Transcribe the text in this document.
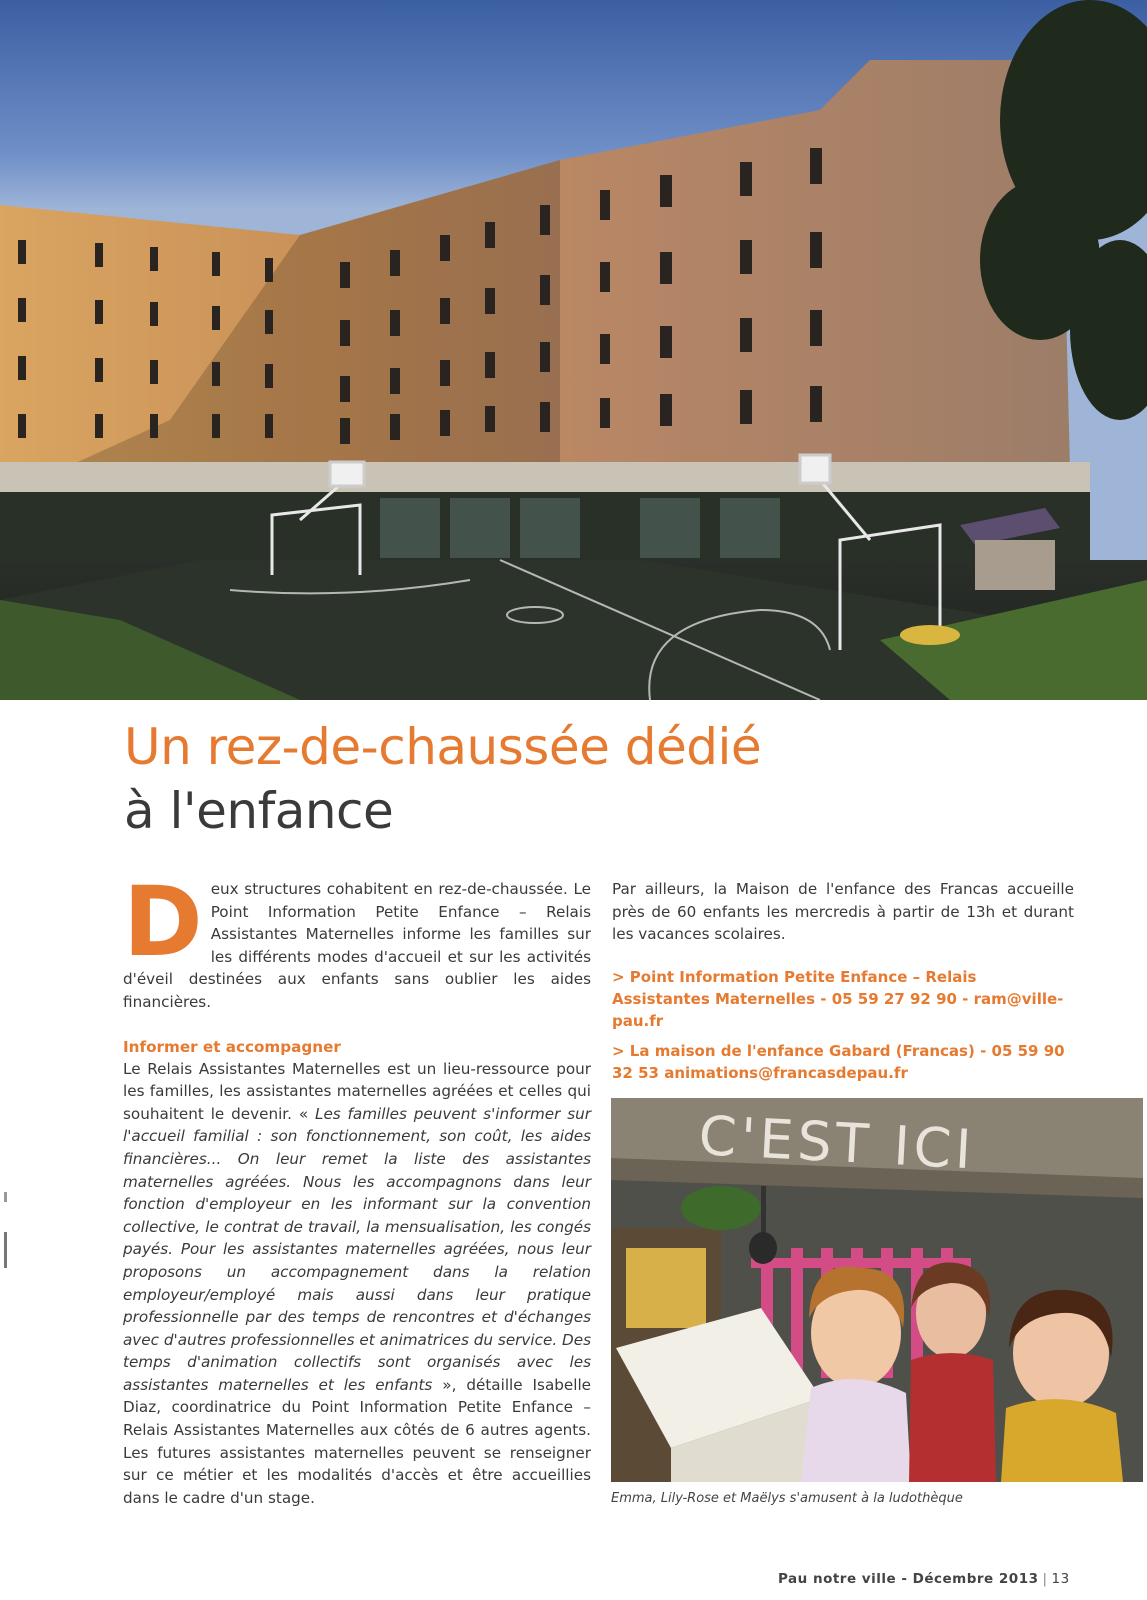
Un rez-de-chaussée dédié
à l'enfance

Deux structures cohabitent en rez-de-chaussée. Le Point Information Petite Enfance – Relais Assistantes Maternelles informe les familles sur les différents modes d'accueil et sur les activités d'éveil destinées aux enfants sans oublier les aides financières.

Informer et accompagner

Le Relais Assistantes Maternelles est un lieu-ressource pour les familles, les assistantes maternelles agréées et celles qui souhaitent le devenir. « Les familles peuvent s'informer sur l'accueil familial : son fonctionnement, son coût, les aides financières... On leur remet la liste des assistantes maternelles agréées. Nous les accompagnons dans leur fonction d'employeur en les informant sur la convention collective, le contrat de travail, la mensualisation, les congés payés. Pour les assistantes maternelles agréées, nous leur proposons un accompagnement dans la relation employeur/employé mais aussi dans leur pratique professionnelle par des temps de rencontres et d'échanges avec d'autres professionnelles et animatrices du service. Des temps d'animation collectifs sont organisés avec les assistantes maternelles et les enfants », détaille Isabelle Diaz, coordinatrice du Point Information Petite Enfance – Relais Assistantes Maternelles aux côtés de 6 autres agents. Les futures assistantes maternelles peuvent se renseigner sur ce métier et les modalités d'accès et être accueillies dans le cadre d'un stage.

Par ailleurs, la Maison de l'enfance des Francas accueille près de 60 enfants les mercredis à partir de 13h et durant les vacances scolaires.

> Point Information Petite Enfance – Relais Assistantes Maternelles - 05 59 27 92 90 - ram@ville-pau.fr
> La maison de l'enfance Gabard (Francas) - 05 59 90 32 53 animations@francasdepau.fr
C'EST ICI
Emma, Lily-Rose et Maëlys s'amusent à la ludothèque
Pau notre ville - Décembre 2013 | 13
